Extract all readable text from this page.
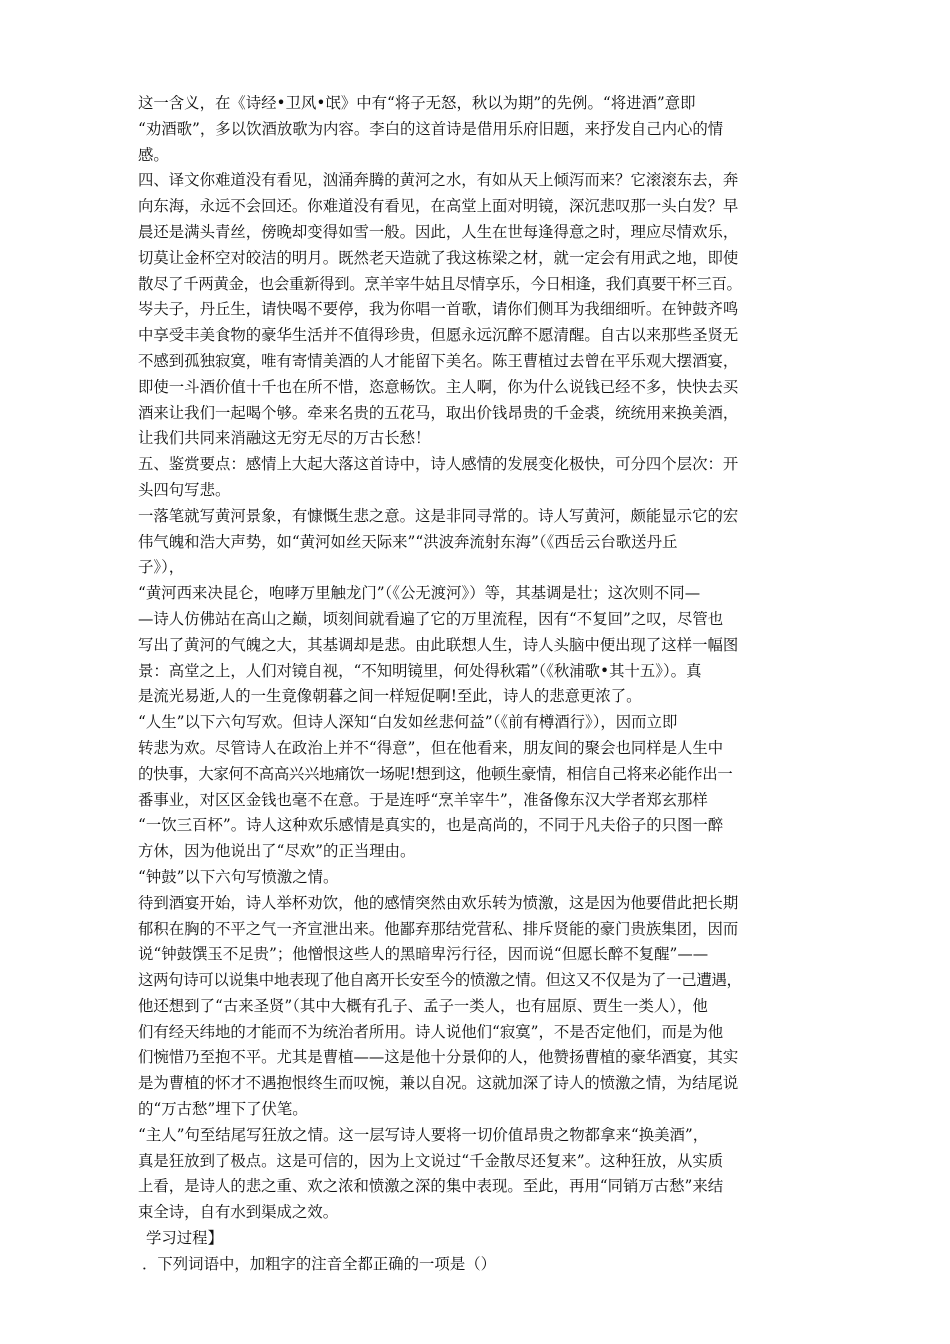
这一含义，在《诗经•卫风•氓》中有“将子无怒，秋以为期”的先例。“将进酒”意即
“劝酒歌”，多以饮酒放歌为内容。李白的这首诗是借用乐府旧题，来抒发自己内心的情
感。
四、译文你难道没有看见，汹涌奔腾的黄河之水，有如从天上倾泻而来？它滚滚东去，奔
向东海，永远不会回还。你难道没有看见，在高堂上面对明镜，深沉悲叹那一头白发？早
晨还是满头青丝，傍晚却变得如雪一般。因此，人生在世每逢得意之时，理应尽情欢乐，
切莫让金杯空对皎洁的明月。既然老天造就了我这栋梁之材，就一定会有用武之地，即使
散尽了千两黄金，也会重新得到。烹羊宰牛姑且尽情享乐，今日相逢，我们真要干杯三百。
岑夫子，丹丘生，请快喝不要停，我为你唱一首歌，请你们侧耳为我细细听。在钟鼓齐鸣
中享受丰美食物的豪华生活并不值得珍贵，但愿永远沉醉不愿清醒。自古以来那些圣贤无
不感到孤独寂寞，唯有寄情美酒的人才能留下美名。陈王曹植过去曾在平乐观大摆酒宴，
即使一斗酒价值十千也在所不惜，恣意畅饮。主人啊，你为什么说钱已经不多，快快去买
酒来让我们一起喝个够。牵来名贵的五花马，取出价钱昂贵的千金裘，统统用来换美酒，
让我们共同来消融这无穷无尽的万古长愁！
五、鉴赏要点：感情上大起大落这首诗中，诗人感情的发展变化极快，可分四个层次：开
头四句写悲。
一落笔就写黄河景象，有慷慨生悲之意。这是非同寻常的。诗人写黄河，颇能显示它的宏
伟气魄和浩大声势，如“黄河如丝天际来”“洪波奔流射东海”（《西岳云台歌送丹丘
子》），
“黄河西来决昆仑，咆哮万里触龙门”（《公无渡河》）等，其基调是壮；这次则不同—
—诗人仿佛站在高山之巅，顷刻间就看遍了它的万里流程，因有“不复回”之叹，尽管也
写出了黄河的气魄之大，其基调却是悲。由此联想人生，诗人头脑中便出现了这样一幅图
景：高堂之上，人们对镜自视，“不知明镜里，何处得秋霜”（《秋浦歌•其十五》）。真
是流光易逝,人的一生竟像朝暮之间一样短促啊!至此，诗人的悲意更浓了。
“人生”以下六句写欢。但诗人深知“白发如丝悲何益”（《前有樽酒行》），因而立即
转悲为欢。尽管诗人在政治上并不“得意”，但在他看来，朋友间的聚会也同样是人生中
的快事，大家何不高高兴兴地痛饮一场呢!想到这，他顿生豪情，相信自己将来必能作出一
番事业，对区区金钱也毫不在意。于是连呼“烹羊宰牛”，准备像东汉大学者郑玄那样
“一饮三百杯”。诗人这种欢乐感情是真实的，也是高尚的，不同于凡夫俗子的只图一醉
方休，因为他说出了“尽欢”的正当理由。
“钟鼓”以下六句写愤激之情。
待到酒宴开始，诗人举杯劝饮，他的感情突然由欢乐转为愤激，这是因为他要借此把长期
郁积在胸的不平之气一齐宣泄出来。他鄙弃那结党营私、排斥贤能的豪门贵族集团，因而
说“钟鼓馔玉不足贵”；他憎恨这些人的黑暗卑污行径，因而说“但愿长醉不复醒”——
这两句诗可以说集中地表现了他自离开长安至今的愤激之情。但这又不仅是为了一己遭遇，
他还想到了“古来圣贤”（其中大概有孔子、孟子一类人，也有屈原、贾生一类人），他
们有经天纬地的才能而不为统治者所用。诗人说他们“寂寞”，不是否定他们，而是为他
们惋惜乃至抱不平。尤其是曹植——这是他十分景仰的人，他赞扬曹植的豪华酒宴，其实
是为曹植的怀才不遇抱恨终生而叹惋，兼以自况。这就加深了诗人的愤激之情，为结尾说
的“万古愁”埋下了伏笔。
“主人”句至结尾写狂放之情。这一层写诗人要将一切价值昂贵之物都拿来“换美酒”，
真是狂放到了极点。这是可信的，因为上文说过“千金散尽还复来”。这种狂放，从实质
上看，是诗人的悲之重、欢之浓和愤激之深的集中表现。至此，再用“同销万古愁”来结
束全诗，自有水到渠成之效。
学习过程】
．下列词语中，加粗字的注音全都正确的一项是（）
